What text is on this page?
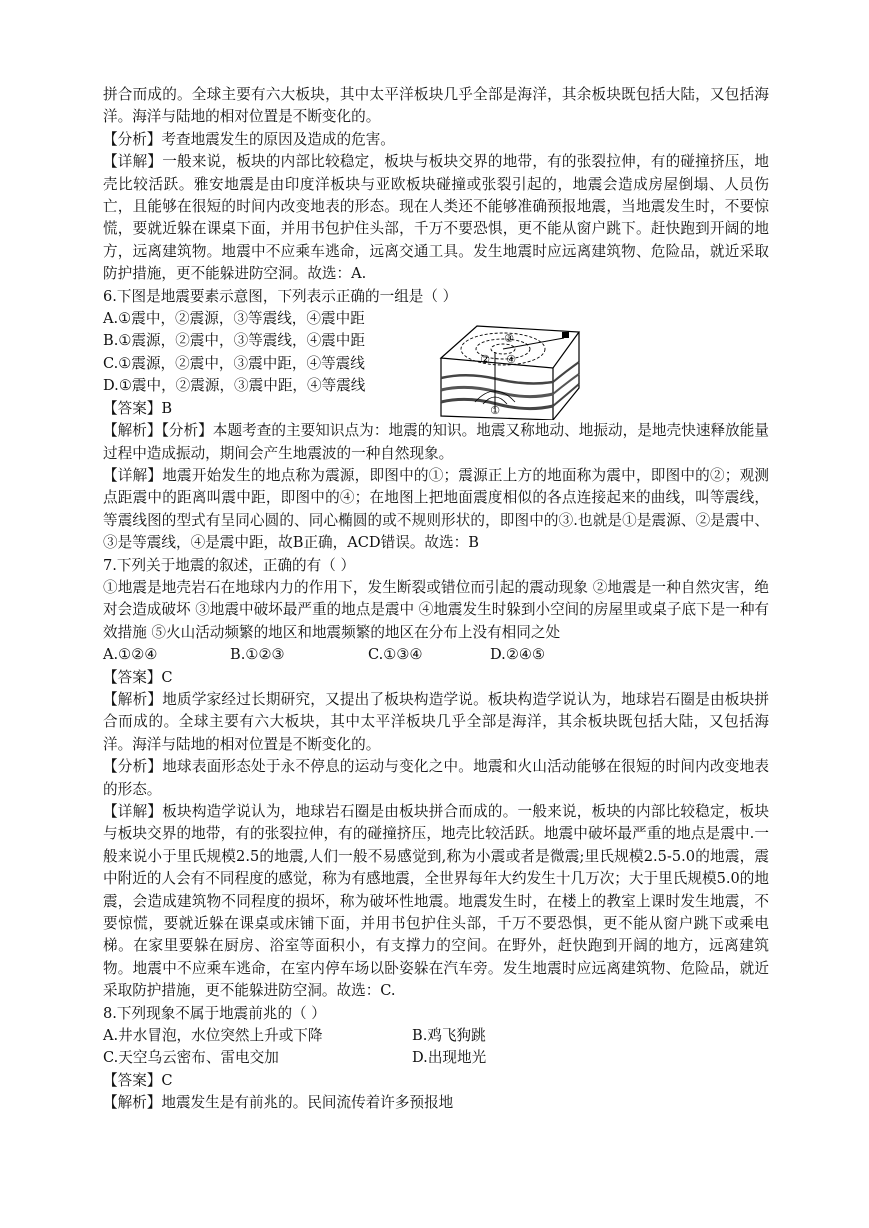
拼合而成的。全球主要有六大板块，其中太平洋板块几乎全部是海洋，其余板块既包括大陆，又包括海洋。海洋与陆地的相对位置是不断变化的。

【分析】考查地震发生的原因及造成的危害。

【详解】一般来说，板块的内部比较稳定，板块与板块交界的地带，有的张裂拉伸，有的碰撞挤压，地壳比较活跃。雅安地震是由印度洋板块与亚欧板块碰撞或张裂引起的，地震会造成房屋倒塌、人员伤亡，且能够在很短的时间内改变地表的形态。现在人类还不能够准确预报地震，当地震发生时，不要惊慌，要就近躲在课桌下面，并用书包护住头部，千万不要恐惧，更不能从窗户跳下。赶快跑到开阔的地方，远离建筑物。地震中不应乘车逃命，远离交通工具。发生地震时应远离建筑物、危险品，就近采取防护措施，更不能躲进防空洞。故选：A.

6.下图是地震要素示意图，下列表示正确的一组是（ ）

A.①震中，②震源，③等震线，④震中距

B.①震源，②震中，③等震线，④震中距

C.①震源，②震中，③震中距，④等震线

D.①震中，②震源，③震中距，④等震线

【答案】B

【解析】【分析】本题考查的主要知识点为：地震的知识。地震又称地动、地振动，是地壳快速释放能量过程中造成振动，期间会产生地震波的一种自然现象。

【详解】地震开始发生的地点称为震源，即图中的①；震源正上方的地面称为震中，即图中的②；观测点距震中的距离叫震中距，即图中的④；在地图上把地面震度相似的各点连接起来的曲线，叫等震线，等震线图的型式有呈同心圆的、同心椭圆的或不规则形状的，即图中的③.也就是①是震源、②是震中、③是等震线，④是震中距，故B正确，ACD错误。故选：B

7.下列关于地震的叙述，正确的有（ ）

①地震是地壳岩石在地球内力的作用下，发生断裂或错位而引起的震动现象 ②地震是一种自然灾害，绝对会造成破坏 ③地震中破坏最严重的地点是震中 ④地震发生时躲到小空间的房屋里或桌子底下是一种有效措施 ⑤火山活动频繁的地区和地震频繁的地区在分布上没有相同之处

A.①②④	B.①②③	C.①③④	D.②④⑤

【答案】C

【解析】地质学家经过长期研究，又提出了板块构造学说。板块构造学说认为，地球岩石圈是由板块拼合而成的。全球主要有六大板块，其中太平洋板块几乎全部是海洋，其余板块既包括大陆，又包括海洋。海洋与陆地的相对位置是不断变化的。

【分析】地球表面形态处于永不停息的运动与变化之中。地震和火山活动能够在很短的时间内改变地表的形态。

【详解】板块构造学说认为，地球岩石圈是由板块拼合而成的。一般来说，板块的内部比较稳定，板块与板块交界的地带，有的张裂拉伸，有的碰撞挤压，地壳比较活跃。地震中破坏最严重的地点是震中.一般来说小于里氏规模2.5的地震,人们一般不易感觉到,称为小震或者是微震;里氏规模2.5-5.0的地震，震中附近的人会有不同程度的感觉，称为有感地震，全世界每年大约发生十几万次；大于里氏规模5.0的地震，会造成建筑物不同程度的损坏，称为破坏性地震。地震发生时，在楼上的教室上课时发生地震，不要惊慌，要就近躲在课桌或床铺下面，并用书包护住头部，千万不要恐惧，更不能从窗户跳下或乘电梯。在家里要躲在厨房、浴室等面积小，有支撑力的空间。在野外，赶快跑到开阔的地方，远离建筑物。地震中不应乘车逃命，在室内停车场以卧姿躲在汽车旁。发生地震时应远离建筑物、危险品，就近采取防护措施，更不能躲进防空洞。故选：C.

8.下列现象不属于地震前兆的（ ）

A.井水冒泡，水位突然上升或下降	B.鸡飞狗跳
C.天空乌云密布、雷电交加	D.出现地光

【答案】C

【解析】地震发生是有前兆的。民间流传着许多预报地

①
②
③
④
